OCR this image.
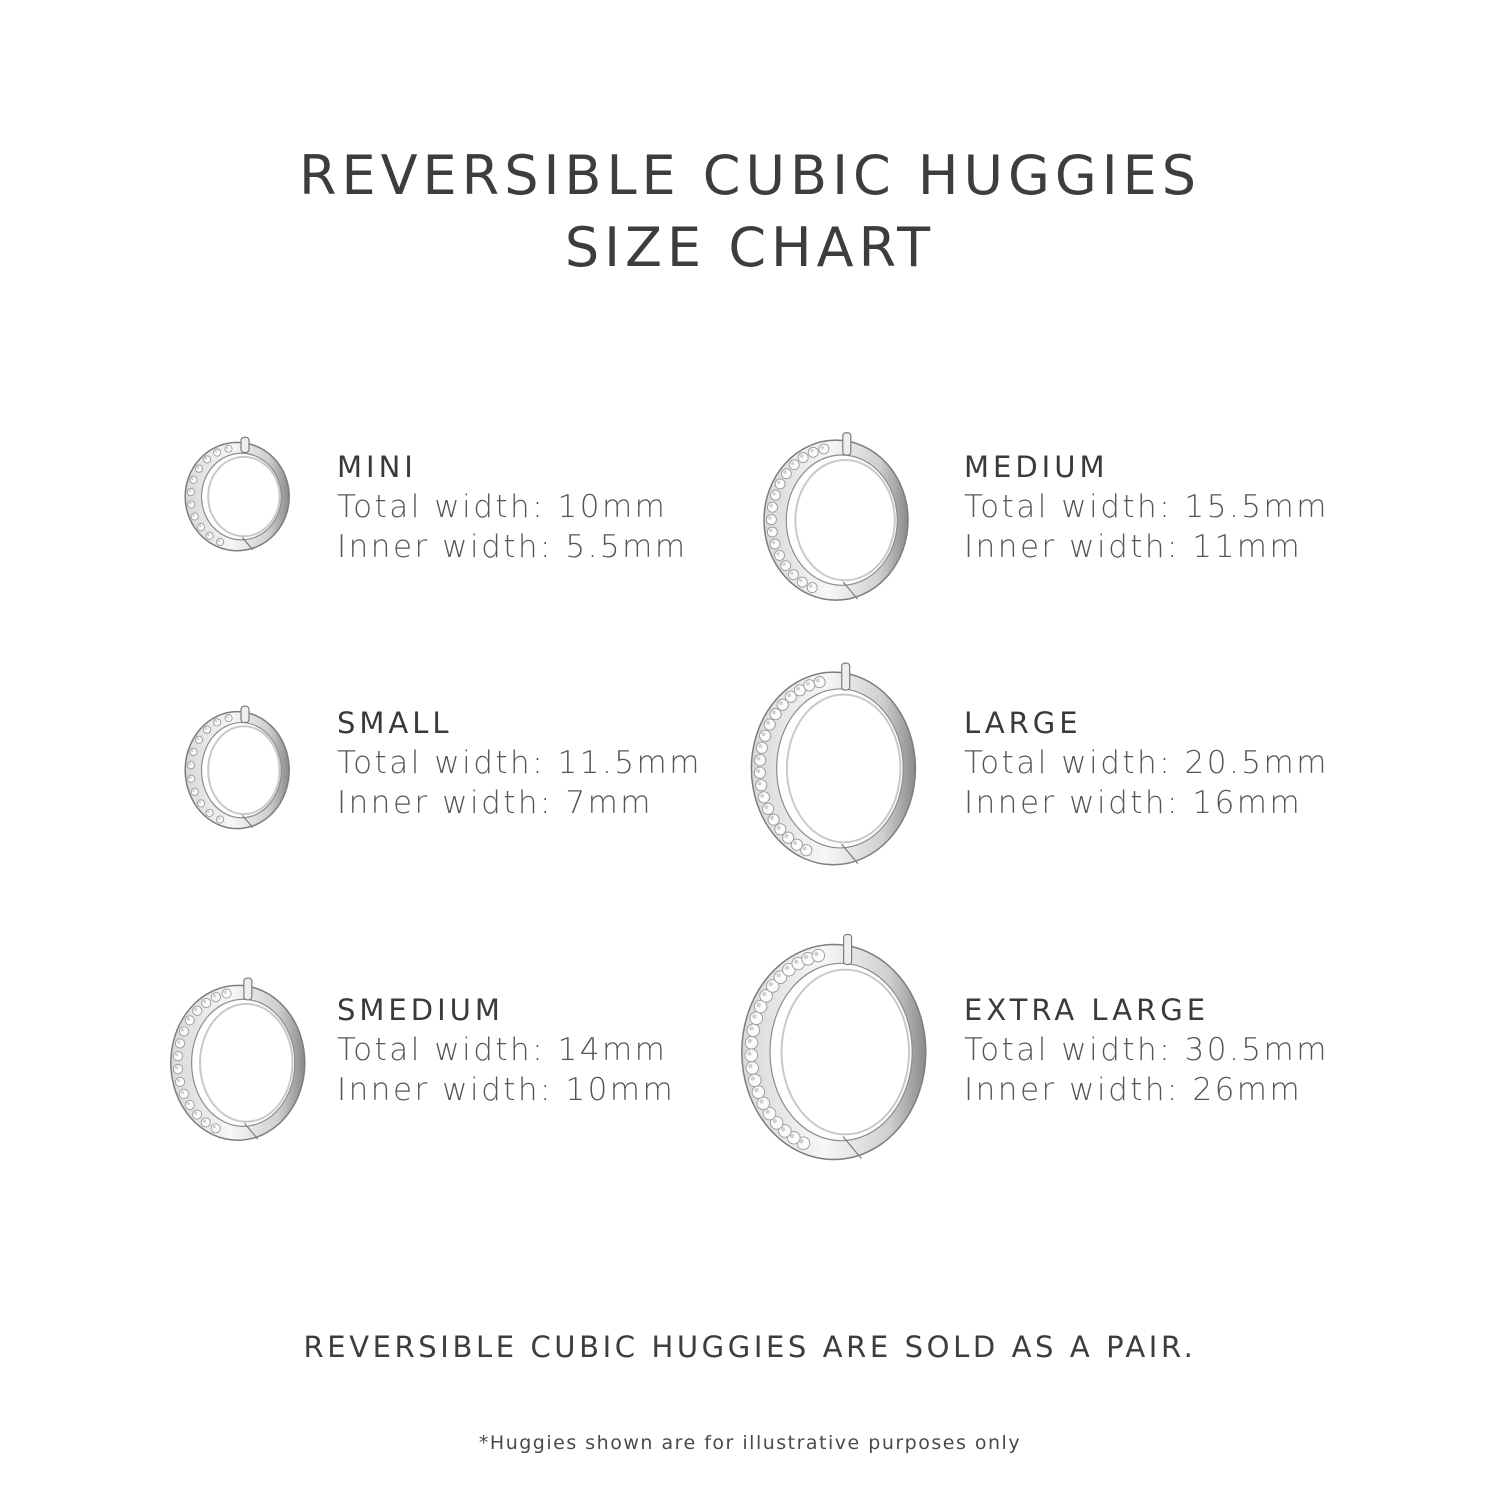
REVERSIBLE CUBIC HUGGIES
SIZE CHART
MINI
Total width: 10mm
Inner width: 5.5mm
MEDIUM
Total width: 15.5mm
Inner width: 11mm
SMALL
Total width: 11.5mm
Inner width: 7mm
LARGE
Total width: 20.5mm
Inner width: 16mm
SMEDIUM
Total width: 14mm
Inner width: 10mm
EXTRA LARGE
Total width: 30.5mm
Inner width: 26mm
REVERSIBLE CUBIC HUGGIES ARE SOLD AS A PAIR.
*Huggies shown are for illustrative purposes only
